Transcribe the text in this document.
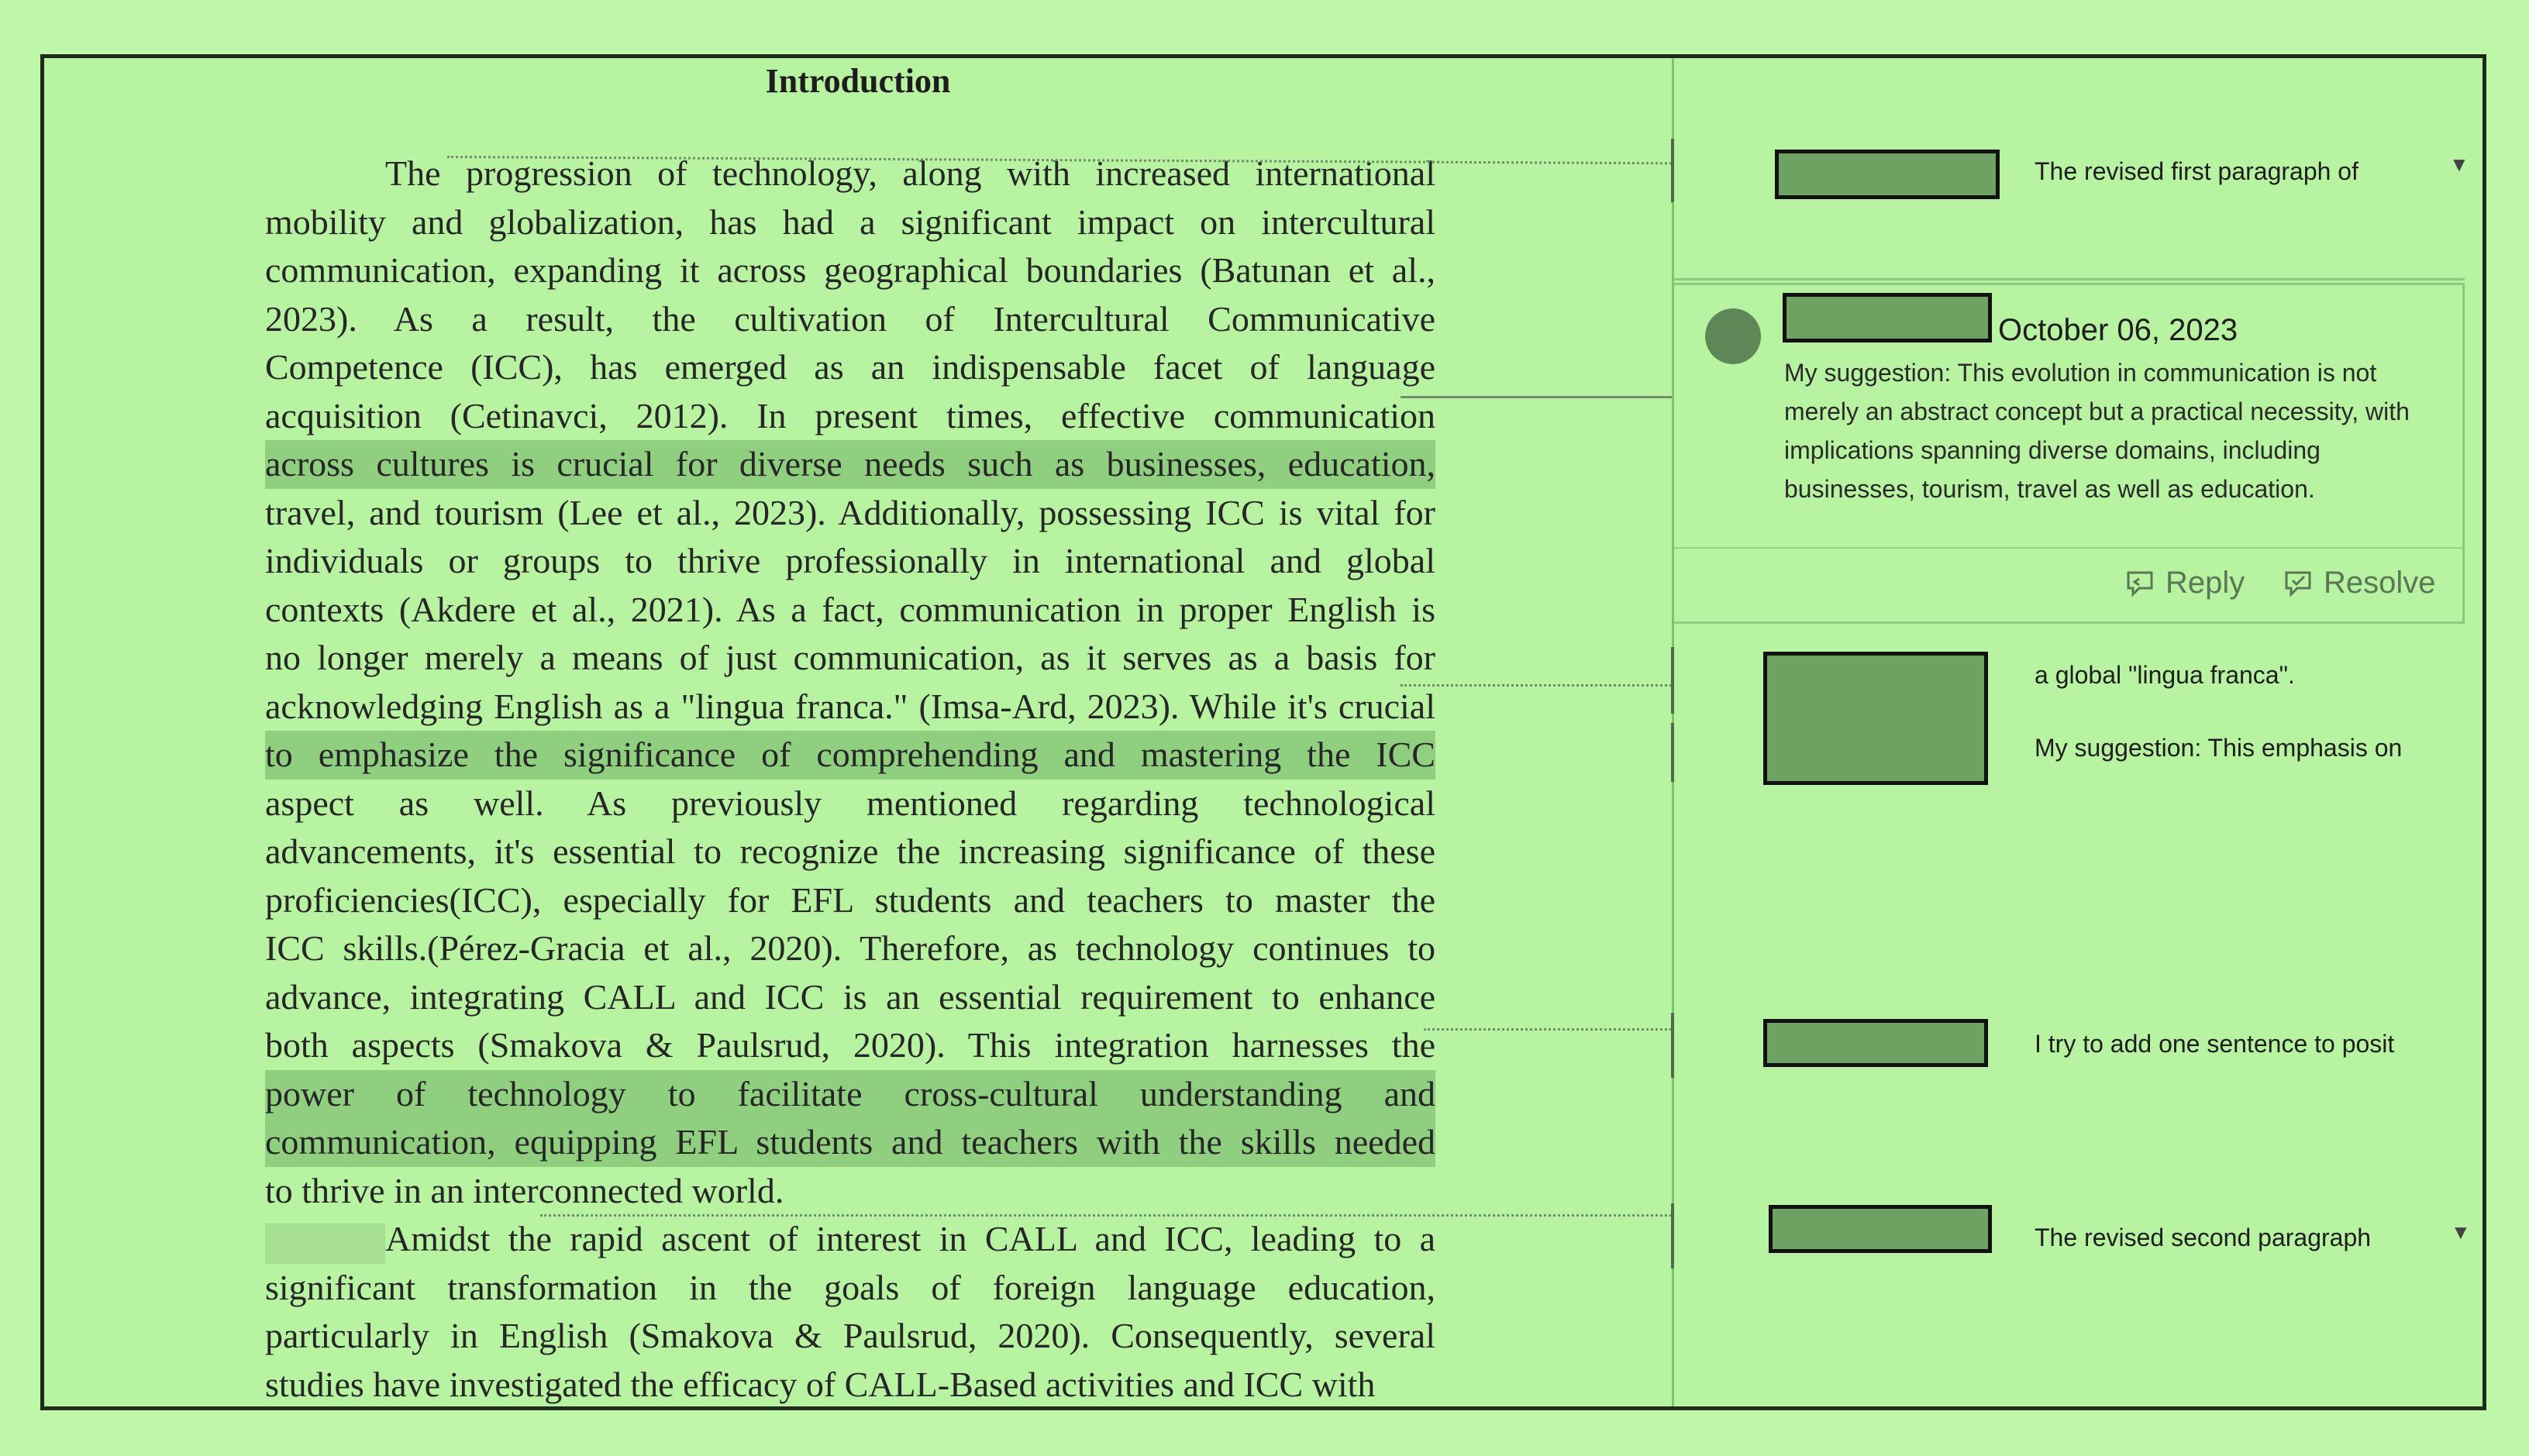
Introduction
The progression of technology, along with increased international
mobility and globalization, has had a significant impact on intercultural
communication, expanding it across geographical boundaries (Batunan et al.,
2023). As a result, the cultivation of Intercultural Communicative
Competence (ICC), has emerged as an indispensable facet of language
acquisition (Cetinavci, 2012). In present times, effective communication
across cultures is crucial for diverse needs such as businesses, education,
travel, and tourism (Lee et al., 2023). Additionally, possessing ICC is vital for
individuals or groups to thrive professionally in international and global
contexts (Akdere et al., 2021). As a fact, communication in proper English is
no longer merely a means of just communication, as it serves as a basis for
acknowledging English as a "lingua franca." (Imsa-Ard, 2023). While it's crucial
to emphasize the significance of comprehending and mastering the ICC
aspect as well. As previously mentioned regarding technological
advancements, it's essential to recognize the increasing significance of these
proficiencies(ICC), especially for EFL students and teachers to master the
ICC skills.(Pérez-Gracia et al., 2020). Therefore, as technology continues to
advance, integrating CALL and ICC is an essential requirement to enhance
both aspects (Smakova & Paulsrud, 2020). This integration harnesses the
power of technology to facilitate cross-cultural understanding and
communication, equipping EFL students and teachers with the skills needed
to thrive in an interconnected world.
Amidst the rapid ascent of interest in CALL and ICC, leading to a
significant transformation in the goals of foreign language education,
particularly in English (Smakova & Paulsrud, 2020). Consequently, several
studies have investigated the efficacy of CALL-Based activities and ICC with
The revised first paragraph of	▼
October 06, 2023
My suggestion: This evolution in communication is not merely an abstract concept but a practical necessity, with implications spanning diverse domains, including businesses, tourism, travel as well as education.
Reply	Resolve
a global "lingua franca".
My suggestion: This emphasis on
I try to add one sentence to posit
The revised second paragraph	▼
